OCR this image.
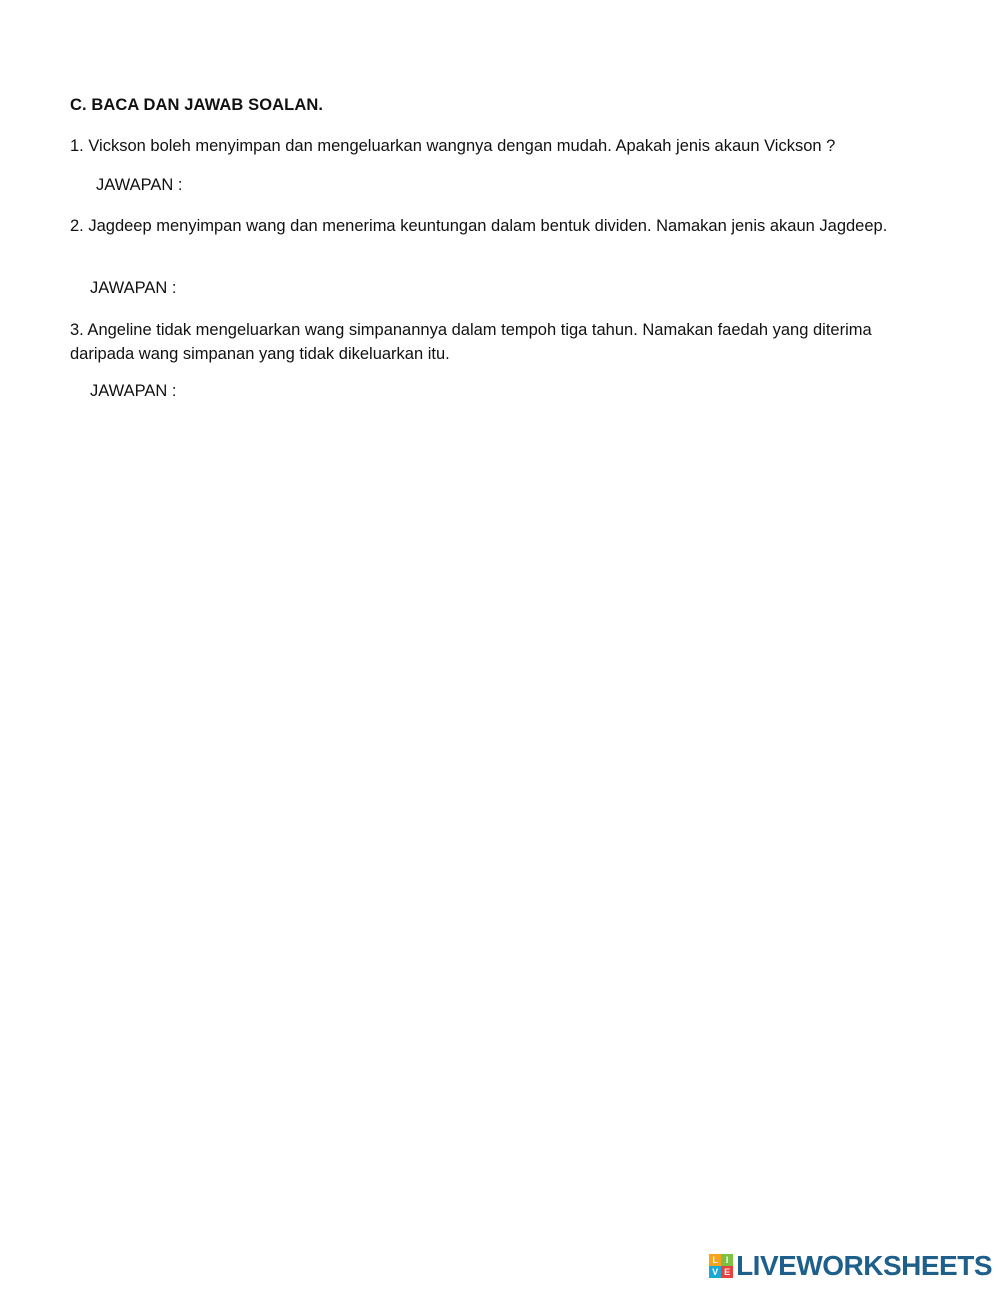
C. BACA DAN JAWAB SOALAN.
1. Vickson boleh menyimpan dan mengeluarkan wangnya dengan mudah. Apakah jenis akaun Vickson ?
JAWAPAN :
2. Jagdeep menyimpan wang dan menerima keuntungan dalam bentuk dividen. Namakan jenis akaun Jagdeep.
JAWAPAN :
3. Angeline tidak mengeluarkan wang simpanannya dalam tempoh tiga tahun. Namakan faedah yang diterima daripada wang simpanan yang tidak dikeluarkan itu.
JAWAPAN :
L I
V E LIVEWORKSHEETS
